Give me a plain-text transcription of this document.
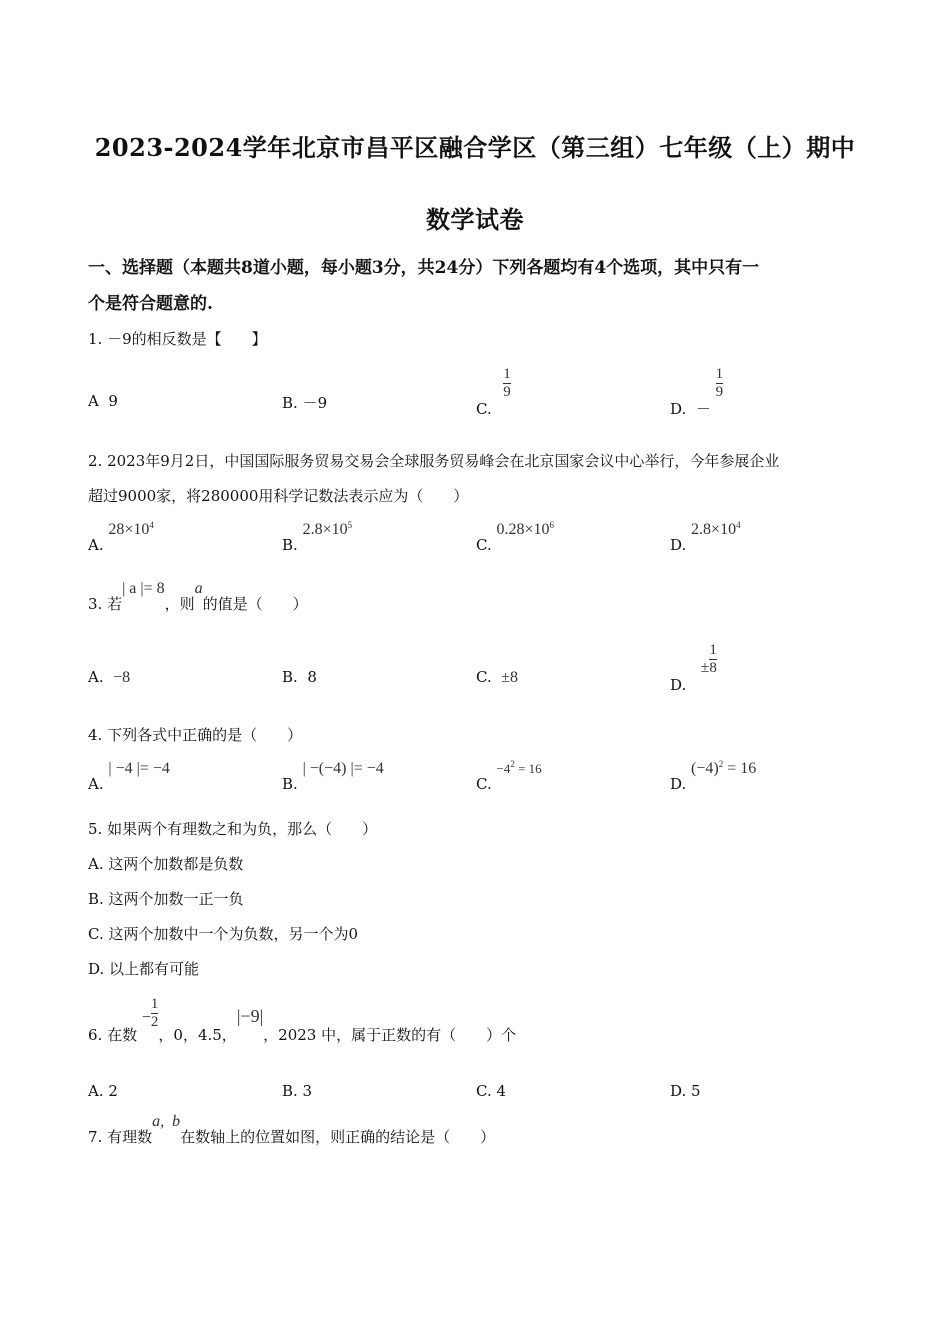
2023-2024学年北京市昌平区融合学区（第三组）七年级（上）期中
数学试卷
一、选择题（本题共8道小题，每小题3分，共24分）下列各题均有4个选项，其中只有一
个是符合题意的.
1. －9的相反数是【　　】
A 9	B. －9	C.
$\frac{1}{9}$
D. －
$\frac{1}{9}$
2. 2023年9月2日，中国国际服务贸易交易会全球服务贸易峰会在北京国家会议中心举行，今年参展企业
超过9000家，将280000用科学记数法表示应为（　　）
A. $28\times 10^4$
B. $2.8\times 10^5$
C. $0.28\times 10^6$
D. $2.8\times 10^4$
3. 若| a |= 8，则a的值是（　　）
A. −8	B. 8	C. ±8	D.   ± $\frac{1}{8}$
4. 下列各式中正确的是（　　）
A. | −4 |= −4
B. | −(−4) |= −4
C. $-4^2 = 16$
D. $(-4)^2 = 16$
5. 如果两个有理数之和为负，那么（　　）
A. 这两个加数都是负数
B. 这两个加数一正一负
C. 这两个加数中一个为负数，另一个为0
D. 以上都有可能
6. 在数 − $\frac{1}{2}$
，0，4.5，|−9|，2023 中，属于正数的有（　　）个
A. 2	B. 3	C. 4	D. 5
7. 有理数a,  b在数轴上的位置如图，则正确的结论是（　　）
